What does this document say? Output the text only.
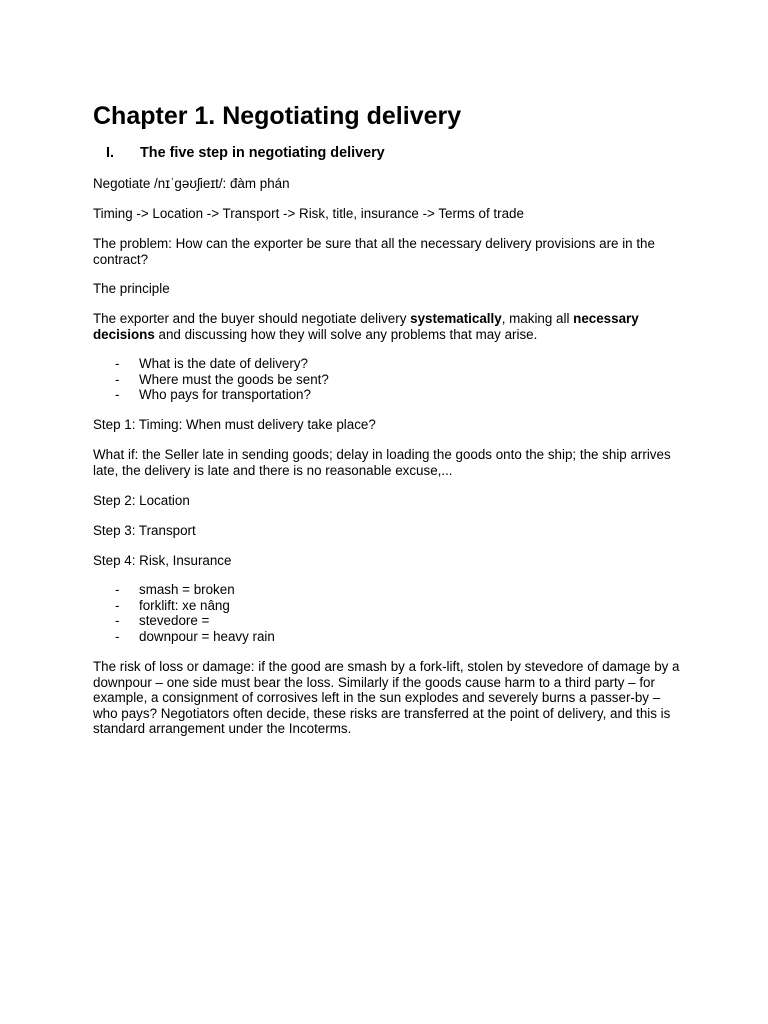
Chapter 1. Negotiating delivery
I. The five step in negotiating delivery

Negotiate /nɪˈɡəʊʃieɪt/: đàm phán

Timing -> Location -> Transport -> Risk, title, insurance -> Terms of trade

The problem: How can the exporter be sure that all the necessary delivery provisions are in the contract?

The principle

The exporter and the buyer should negotiate delivery systematically, making all necessary decisions and discussing how they will solve any problems that may arise.

- What is the date of delivery?
- Where must the goods be sent?
- Who pays for transportation?

Step 1: Timing: When must delivery take place?

What if: the Seller late in sending goods; delay in loading the goods onto the ship; the ship arrives late, the delivery is late and there is no reasonable excuse,...

Step 2: Location

Step 3: Transport

Step 4: Risk, Insurance

- smash = broken
- forklift: xe nâng
- stevedore =
- downpour = heavy rain

The risk of loss or damage: if the good are smash by a fork-lift, stolen by stevedore of damage by a downpour – one side must bear the loss. Similarly if the goods cause harm to a third party – for example, a consignment of corrosives left in the sun explodes and severely burns a passer-by – who pays? Negotiators often decide, these risks are transferred at the point of delivery, and this is standard arrangement under the Incoterms.
